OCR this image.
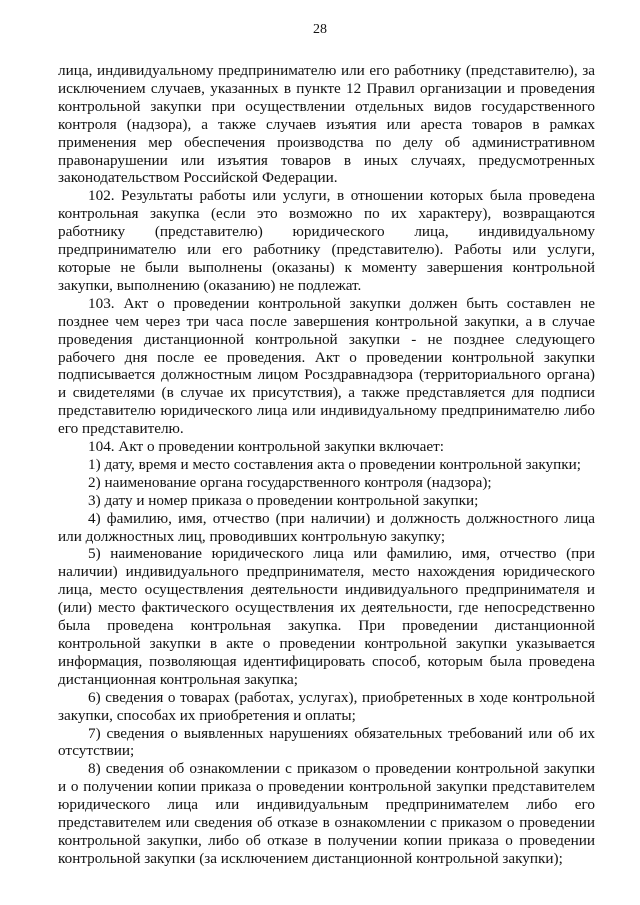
28

лица, индивидуальному предпринимателю или его работнику (представителю), за исключением случаев, указанных в пункте 12 Правил организации и проведения контрольной закупки при осуществлении отдельных видов государственного контроля (надзора), а также случаев изъятия или ареста товаров в рамках применения мер обеспечения производства по делу об административном правонарушении или изъятия товаров в иных случаях, предусмотренных законодательством Российской Федерации.

102. Результаты работы или услуги, в отношении которых была проведена контрольная закупка (если это возможно по их характеру), возвращаются работнику (представителю) юридического лица, индивидуальному предпринимателю или его работнику (представителю). Работы или услуги, которые не были выполнены (оказаны) к моменту завершения контрольной закупки, выполнению (оказанию) не подлежат.

103. Акт о проведении контрольной закупки должен быть составлен не позднее чем через три часа после завершения контрольной закупки, а в случае проведения дистанционной контрольной закупки - не позднее следующего рабочего дня после ее проведения. Акт о проведении контрольной закупки подписывается должностным лицом Росздравнадзора (территориального органа) и свидетелями (в случае их присутствия), а также представляется для подписи представителю юридического лица или индивидуальному предпринимателю либо его представителю.

104. Акт о проведении контрольной закупки включает:

1) дату, время и место составления акта о проведении контрольной закупки;

2) наименование органа государственного контроля (надзора);

3) дату и номер приказа о проведении контрольной закупки;

4) фамилию, имя, отчество (при наличии) и должность должностного лица или должностных лиц, проводивших контрольную закупку;

5) наименование юридического лица или фамилию, имя, отчество (при наличии) индивидуального предпринимателя, место нахождения юридического лица, место осуществления деятельности индивидуального предпринимателя и (или) место фактического осуществления их деятельности, где непосредственно была проведена контрольная закупка. При проведении дистанционной контрольной закупки в акте о проведении контрольной закупки указывается информация, позволяющая идентифицировать способ, которым была проведена дистанционная контрольная закупка;

6) сведения о товарах (работах, услугах), приобретенных в ходе контрольной закупки, способах их приобретения и оплаты;

7) сведения о выявленных нарушениях обязательных требований или об их отсутствии;

8) сведения об ознакомлении с приказом о проведении контрольной закупки и о получении копии приказа о проведении контрольной закупки представителем юридического лица или индивидуальным предпринимателем либо его представителем или сведения об отказе в ознакомлении с приказом о проведении контрольной закупки, либо об отказе в получении копии приказа о проведении контрольной закупки (за исключением дистанционной контрольной закупки);
